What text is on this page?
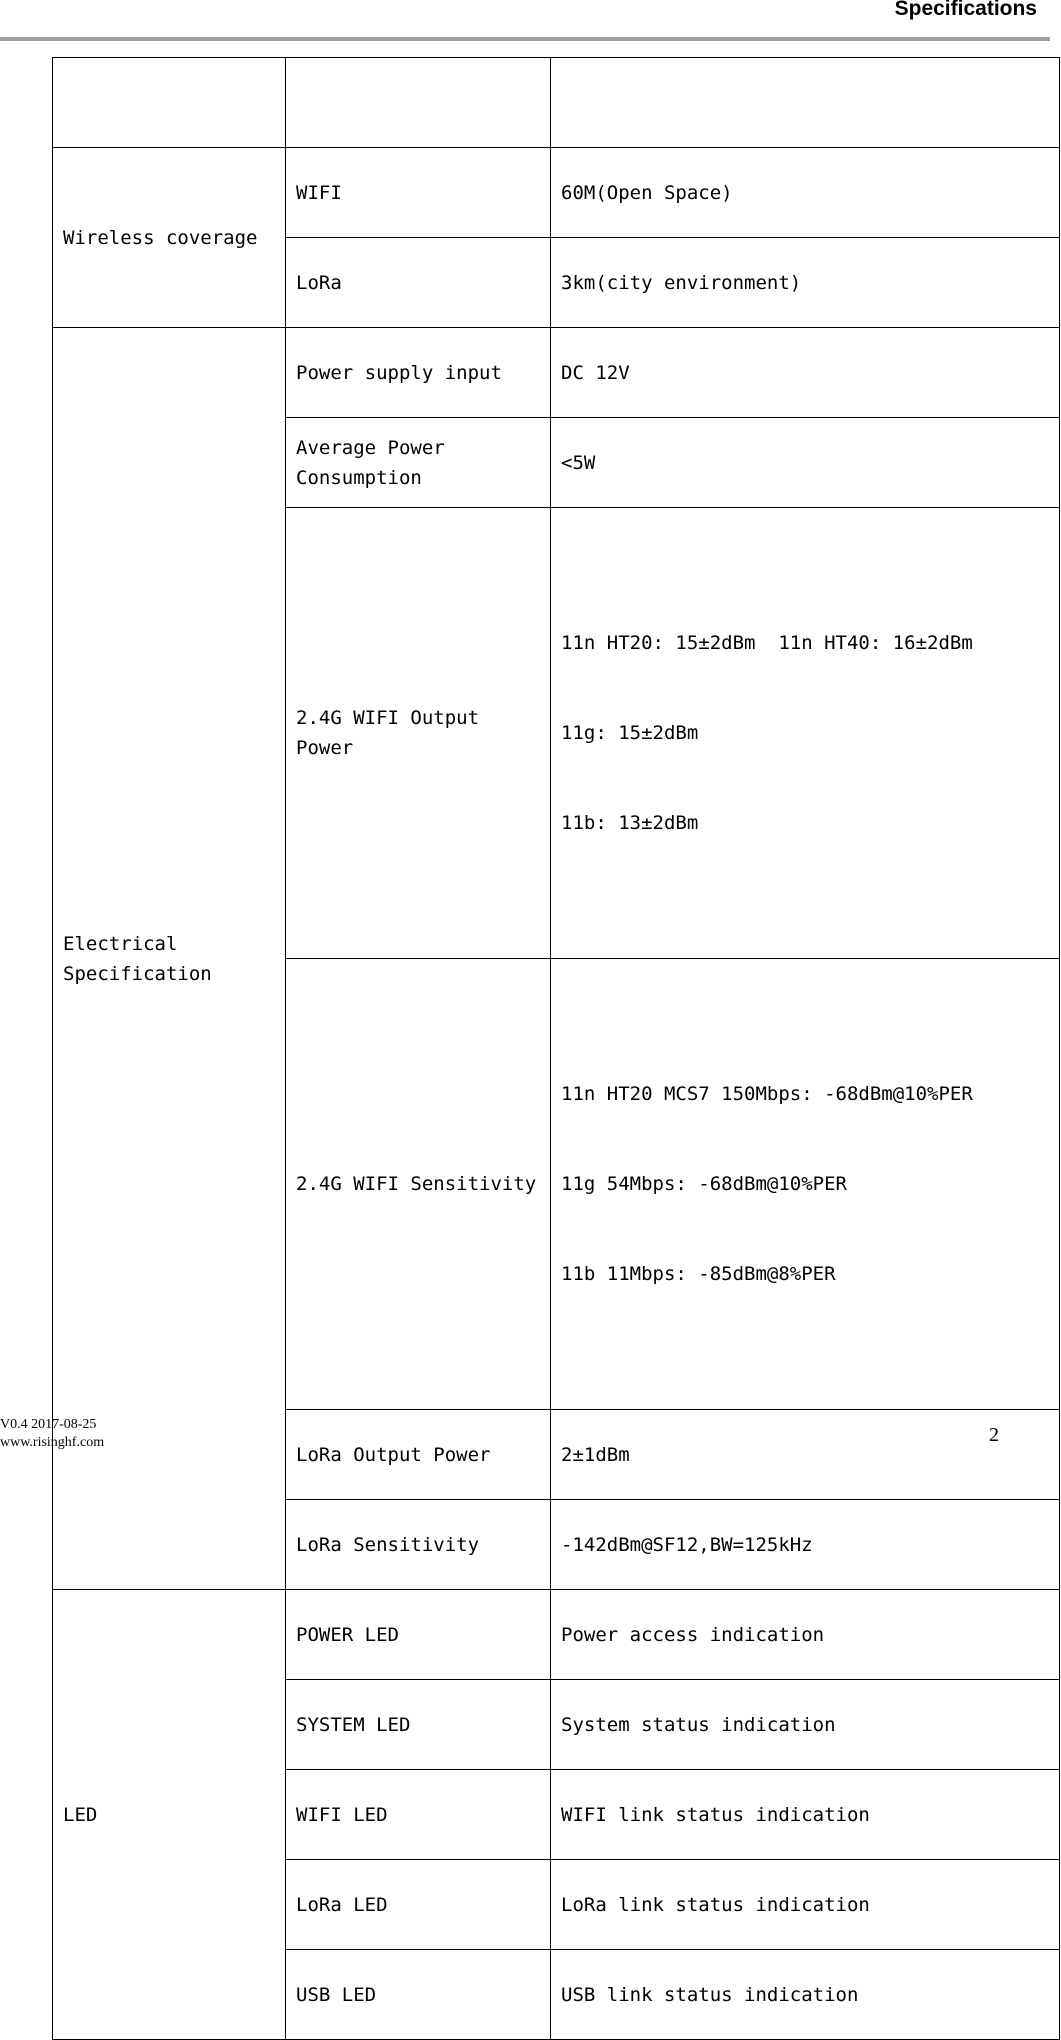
Specifications

Wireless coverage	WIFI	60M(Open Space)
	LoRa	3km(city environment)
Electrical Specification	Power supply input	DC 12V
	Average Power Consumption	<5W
	2.4G WIFI Output Power	11n HT20: 15±2dBm  11n HT40: 16±2dBm

11g: 15±2dBm

11b: 13±2dBm

	2.4G WIFI Sensitivity	11n HT20 MCS7 150Mbps: -68dBm@10%PER

11g 54Mbps: -68dBm@10%PER

11b 11Mbps: -85dBm@8%PER

	LoRa Output Power	2±1dBm
	LoRa Sensitivity	-142dBm@SF12,BW=125kHz
LED	POWER LED	Power access indication
	SYSTEM LED	System status indication
	WIFI LED	WIFI link status indication
	LoRa LED	LoRa link status indication
	USB LED	USB link status indication
V0.4 2017-08-25
www.risinghf.com	2
